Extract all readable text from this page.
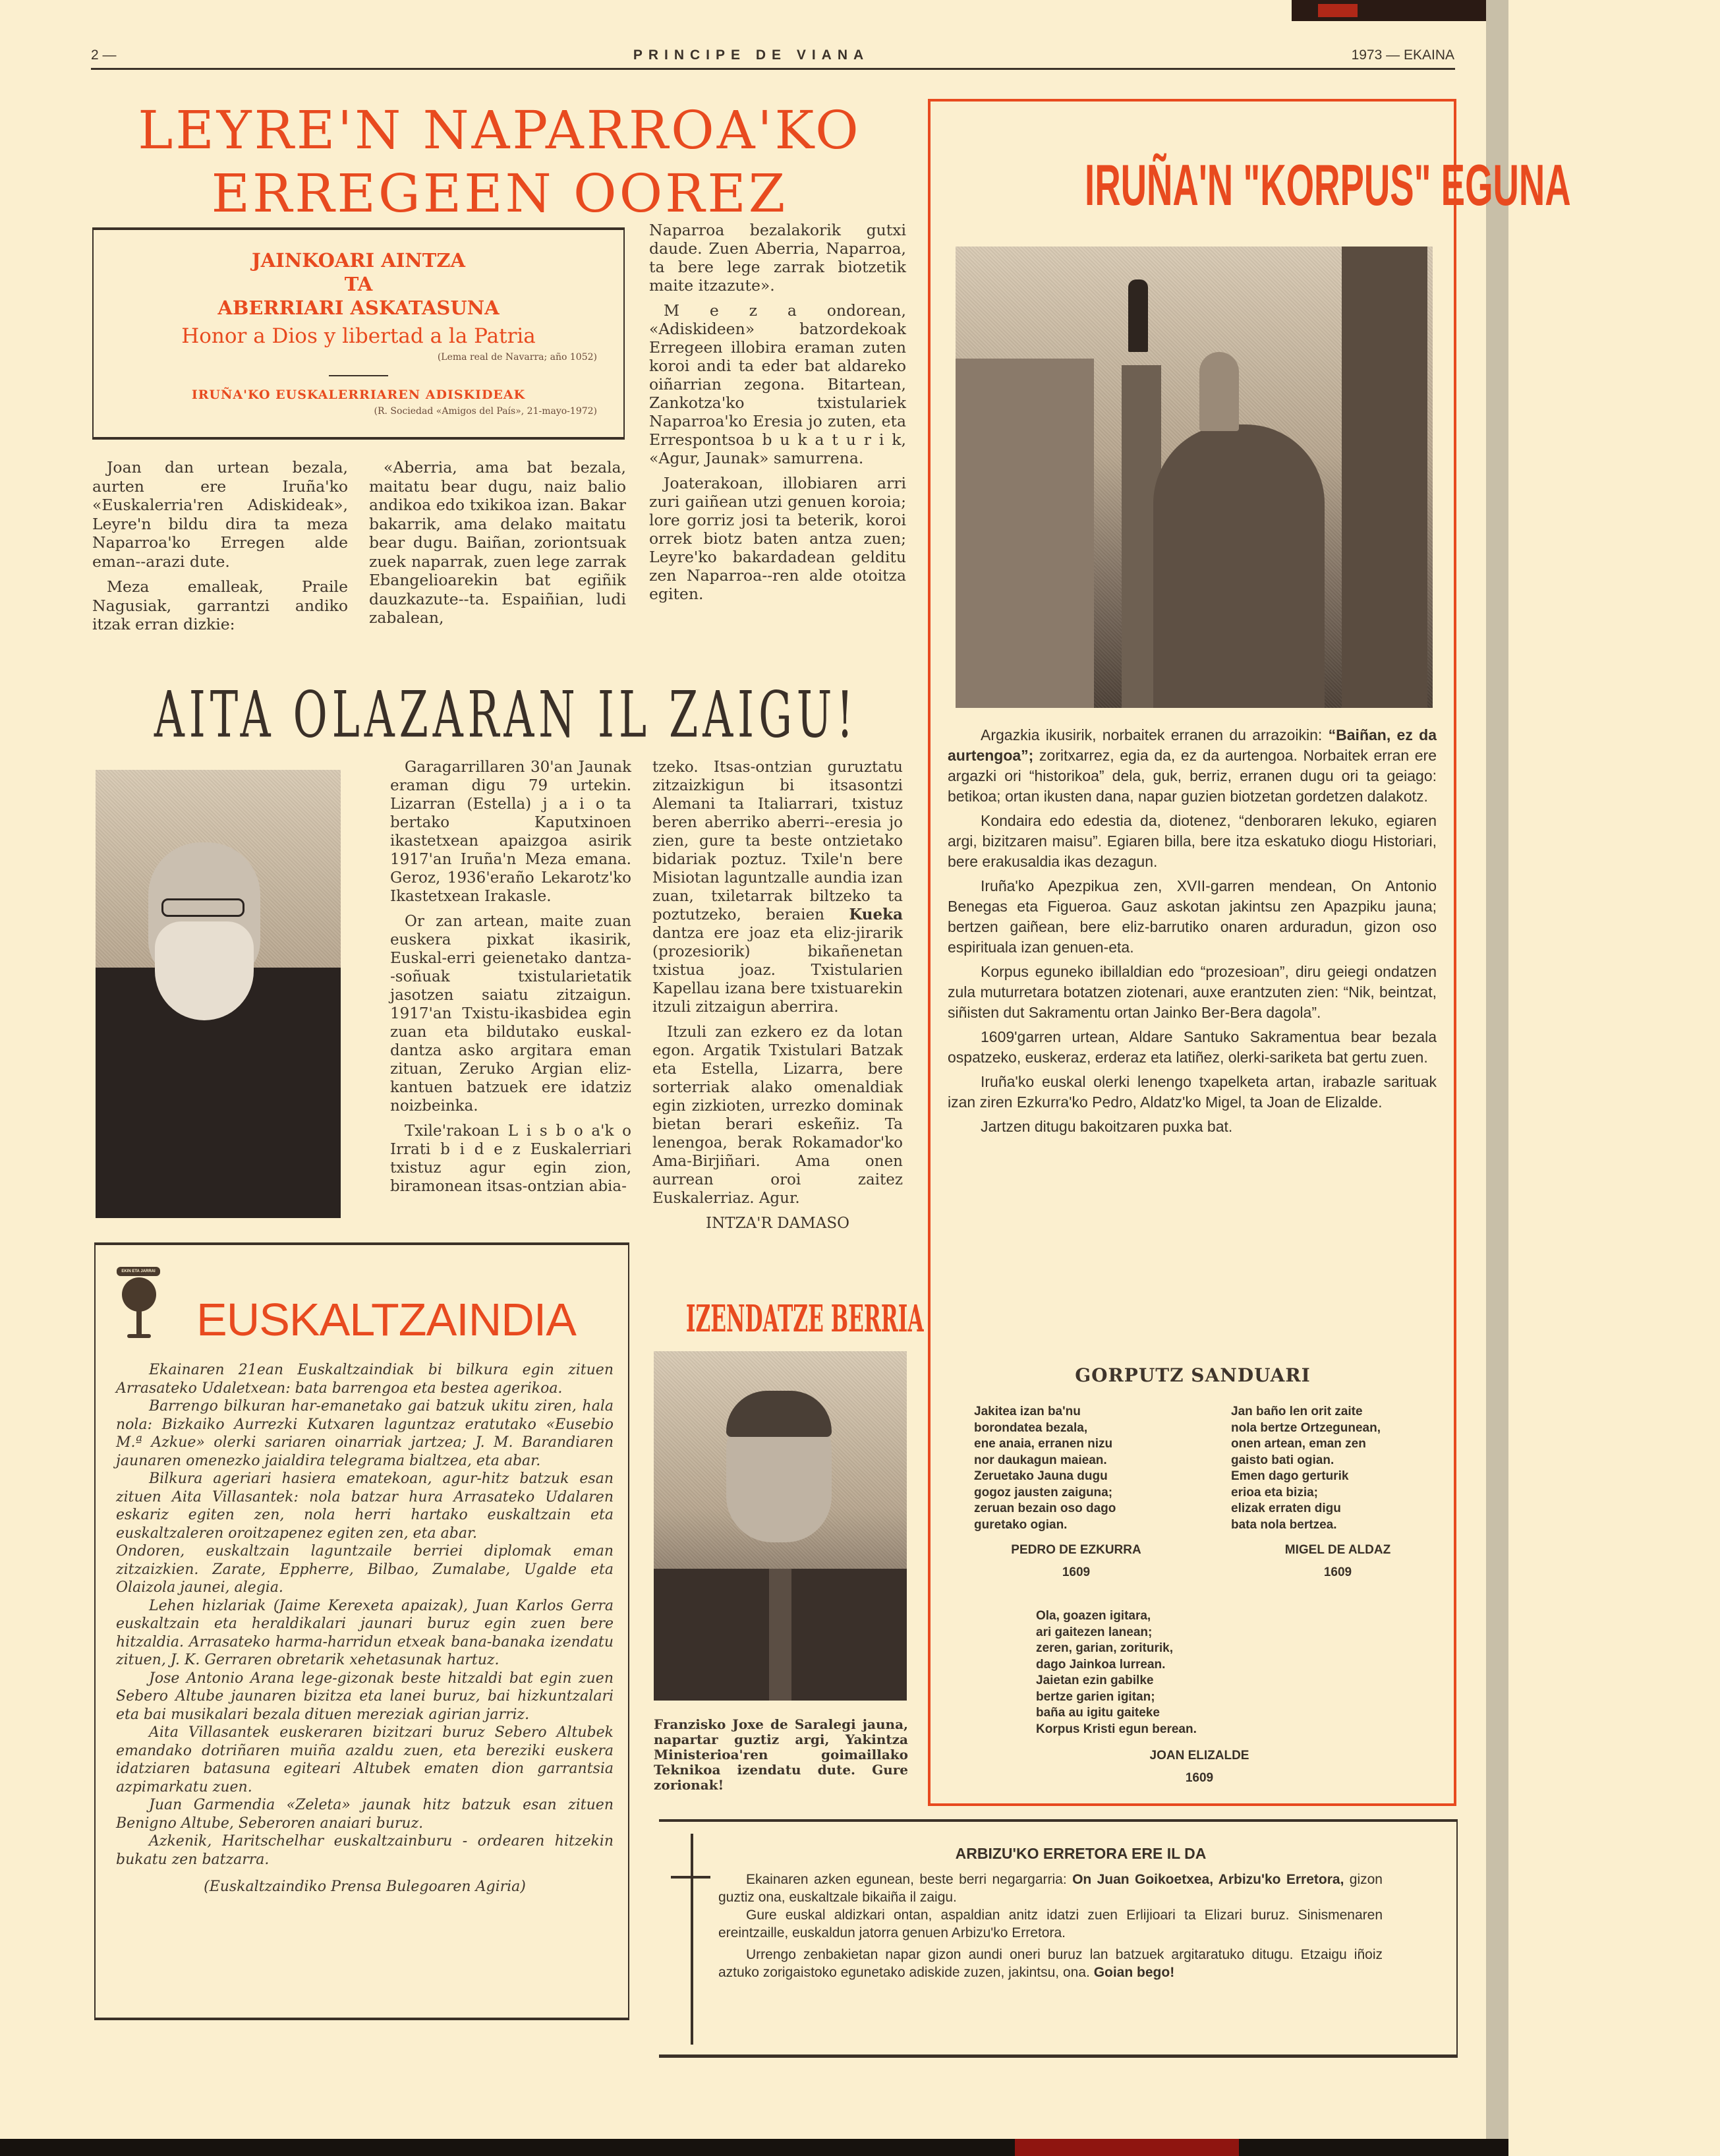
2 —	PRINCIPE DE VIANA	1973 — EKAINA
LEYRE'N NAPARROA'KO
ERREGEEN OOREZ
JAINKOARI AINTZA
TA
ABERRIARI ASKATASUNA
Honor a Dios y libertad a la Patria
(Lema real de Navarra; año 1052)
IRUÑA'KO EUSKALERRIAREN ADISKIDEAK
(R. Sociedad «Amigos del País», 21-mayo-1972)

Joan dan urtean bezala, aurten ere Iruña'ko «Euskalerria'ren Adiskideak», Leyre'n bildu dira ta meza Naparroa'ko Erregen alde eman--arazi dute.

Meza emalleak, Praile Nagusiak, garrantzi andiko itzak erran dizkie:

«Aberria, ama bat bezala, maitatu bear dugu, naiz balio andikoa edo txikikoa izan. Bakar bakarrik, ama delako maitatu bear dugu. Baiñan, zoriontsuak zuek naparrak, zuen lege zarrak Ebangelioarekin bat egiñik dauzkazute--ta. Espaiñian, ludi zabalean,

Naparroa bezalakorik gutxi daude. Zuen Aberria, Naparroa, ta bere lege zarrak biotzetik maite itzazute».

M e z a ondorean, «Adiskideen» batzordekoak Erregeen illobira eraman zuten koroi andi ta eder bat aldareko oiñarrian zegona. Bitartean, Zankotza'ko txistulariek Naparroa'ko Eresia jo zuten, eta Errespontsoa b u k a t u r i k, «Agur, Jaunak» samurrena.

Joaterakoan, illobiaren arri zuri gaiñean utzi genuen koroia; lore gorriz josi ta beterik, koroi orrek biotz baten antza zuen; Leyre'ko bakardadean gelditu zen Naparroa--ren alde otoitza egiten.

AITA OLAZARAN IL ZAIGU!

Garagarrillaren 30'an Jaunak eraman digu 79 urtekin. Lizarran (Estella) j a i o ta bertako Kaputxinoen ikastetxean apaizgoa asirik 1917'an Iruña'n Meza emana. Geroz, 1936'eraño Lekarotz'ko Ikastetxean Irakasle.

Or zan artean, maite zuan euskera pixkat ikasirik, Euskal-erri geienetako dantza--soñuak txistularietatik jasotzen saiatu zitzaigun. 1917'an Txistu-ikasbidea egin zuan eta bildutako euskal-dantza asko argitara eman zituan, Zeruko Argian eliz-kantuen batzuek ere idatziz noizbeinka.

Txile'rakoan L i s b o a'k o Irrati b i d e z Euskalerriari txistuz agur egin zion, biramonean itsas-ontzian abia-

tzeko. Itsas-ontzian guruztatu zitzaizkigun bi itsasontzi Alemani ta Italiarrari, txistuz beren aberriko aberri--eresia jo zien, gure ta beste ontzietako bidariak poztuz. Txile'n bere Misiotan laguntzalle aundia izan zuan, txiletarrak biltzeko ta poztutzeko, beraien Kueka dantza ere joaz eta eliz-jirarik (prozesiorik) bikañenetan txistua joaz. Txistularien Kapellau izana bere txistuarekin itzuli zitzaigun aberrira.

Itzuli zan ezkero ez da lotan egon. Argatik Txistulari Batzak eta Estella, Lizarra, bere sorterriak alako omenaldiak egin zizkioten, urrezko dominak bietan berari eskeñiz. Ta lenengoa, berak Rokamador'ko Ama-Birjiñari. Ama onen aurrean oroi zaitez Euskalerriaz. Agur.

INTZA'R DAMASO

EKIN ETA JARRAI
EUSKALTZAINDIA

Ekainaren 21ean Euskaltzaindiak bi bilkura egin zituen Arrasateko Udaletxean: bata barrengoa eta bestea agerikoa.

Barrengo bilkuran har-emanetako gai batzuk ukitu ziren, hala nola: Bizkaiko Aurrezki Kutxaren laguntzaz eratutako «Eusebio M.ª Azkue» olerki sariaren oinarriak jartzea; J. M. Barandiaren jaunaren omenezko jaialdira telegrama bialtzea, eta abar.

Bilkura ageriari hasiera ematekoan, agur-hitz batzuk esan zituen Aita Villasantek: nola batzar hura Arrasateko Udalaren eskariz egiten zen, nola herri hartako euskaltzain eta euskaltzaleren oroitzapenez egiten zen, eta abar.

Ondoren, euskaltzain laguntzaile berriei diplomak eman zitzaizkien. Zarate, Eppherre, Bilbao, Zumalabe, Ugalde eta Olaizola jaunei, alegia.

Lehen hizlariak (Jaime Kerexeta apaizak), Juan Karlos Gerra euskaltzain eta heraldikalari jaunari buruz egin zuen bere hitzaldia. Arrasateko harma-harridun etxeak bana-banaka izendatu zituen, J. K. Gerraren obretarik xehetasunak hartuz.

Jose Antonio Arana lege-gizonak beste hitzaldi bat egin zuen Sebero Altube jaunaren bizitza eta lanei buruz, bai hizkuntzalari eta bai musikalari bezala dituen mereziak agirian jarriz.

Aita Villasantek euskeraren bizitzari buruz Sebero Altubek emandako dotriñaren muiña azaldu zuen, eta bereziki euskera idatziaren batasuna egiteari Altubek ematen dion garrantsia azpimarkatu zuen.

Juan Garmendia «Zeleta» jaunak hitz batzuk esan zituen Benigno Altube, Seberoren anaiari buruz.

Azkenik, Haritschelhar euskaltzainburu - ordearen hitzekin bukatu zen batzarra.

(Euskaltzaindiko Prensa Bulegoaren Agiria)

IZENDATZE BERRIA
Franzisko Joxe de Saralegi jauna, napartar guztiz argi, Yakintza Ministerioa'ren goimaillako Teknikoa izendatu dute. Gure zorionak!
IRUÑA'N "KORPUS" EGUNA

Argazkia ikusirik, norbaitek erranen du arrazoikin: “Baiñan, ez da aurtengoa”; zoritxarrez, egia da, ez da aurtengoa. Norbaitek erran ere argazki ori “historikoa” dela, guk, berriz, erranen dugu ori ta geiago: betikoa; ortan ikusten dana, napar guzien biotzetan gordetzen dalakotz.

Kondaira edo edestia da, diotenez, “denboraren lekuko, egiaren argi, bizitzaren maisu”. Egiaren billa, bere itza eskatuko diogu Historiari, bere erakusaldia ikas dezagun.

Iruña'ko Apezpikua zen, XVII-garren mendean, On Antonio Benegas eta Figueroa. Gauz askotan jakintsu zen Apazpiku jauna; bertzen gaiñean, bere eliz-barrutiko onaren arduradun, gizon oso espirituala izan genuen-eta.

Korpus eguneko ibillaldian edo “prozesioan”, diru geiegi ondatzen zula muturretara botatzen ziotenari, auxe erantzuten zien: “Nik, beintzat, siñisten dut Sakramentu ortan Jainko Ber-Bera dagola”.

1609'garren urtean, Aldare Santuko Sakramentua bear bezala ospatzeko, euskeraz, erderaz eta latiñez, olerki-sariketa bat gertu zuen.

Iruña'ko euskal olerki lenengo txapelketa artan, irabazle sarituak izan ziren Ezkurra'ko Pedro, Aldatz'ko Migel, ta Joan de Elizalde.

Jartzen ditugu bakoitzaren puxka bat.

GORPUTZ SANDUARI
Jakitea izan ba'nu
borondatea bezala,
ene anaia, erranen nizu
nor daukagun maiean.
Zeruetako Jauna dugu
gogoz jausten zaiguna;
zeruan bezain oso dago
guretako ogian.
Jan baño len orit zaite
nola bertze Ortzegunean,
onen artean, eman zen
gaisto bati ogian.
Emen dago gerturik
erioa eta bizia;
elizak erraten digu
bata nola bertzea.
PEDRO DE EZKURRA
1609
MIGEL DE ALDAZ
1609
Ola, goazen igitara,
ari gaitezen lanean;
zeren, garian, zoriturik,
dago Jainkoa lurrean.
Jaietan ezin gabilke
bertze garien igitan;
baña au igitu gaiteke
Korpus Kristi egun berean.
JOAN ELIZALDE
1609
ARBIZU'KO ERRETORA ERE IL DA

Ekainaren azken egunean, beste berri negargarria: On Juan Goikoetxea, Arbizu'ko Erretora, gizon guztiz ona, euskaltzale bikaiña il zaigu.

Gure euskal aldizkari ontan, aspaldian anitz idatzi zuen Erlijioari ta Elizari buruz. Sinismenaren ereintzaille, euskaldun jatorra genuen Arbizu'ko Erretora.

Urrengo zenbakietan napar gizon aundi oneri buruz lan batzuek argitaratuko ditugu. Etzaigu iñoiz aztuko zorigaistoko egunetako adiskide zuzen, jakintsu, ona. Goian bego!
